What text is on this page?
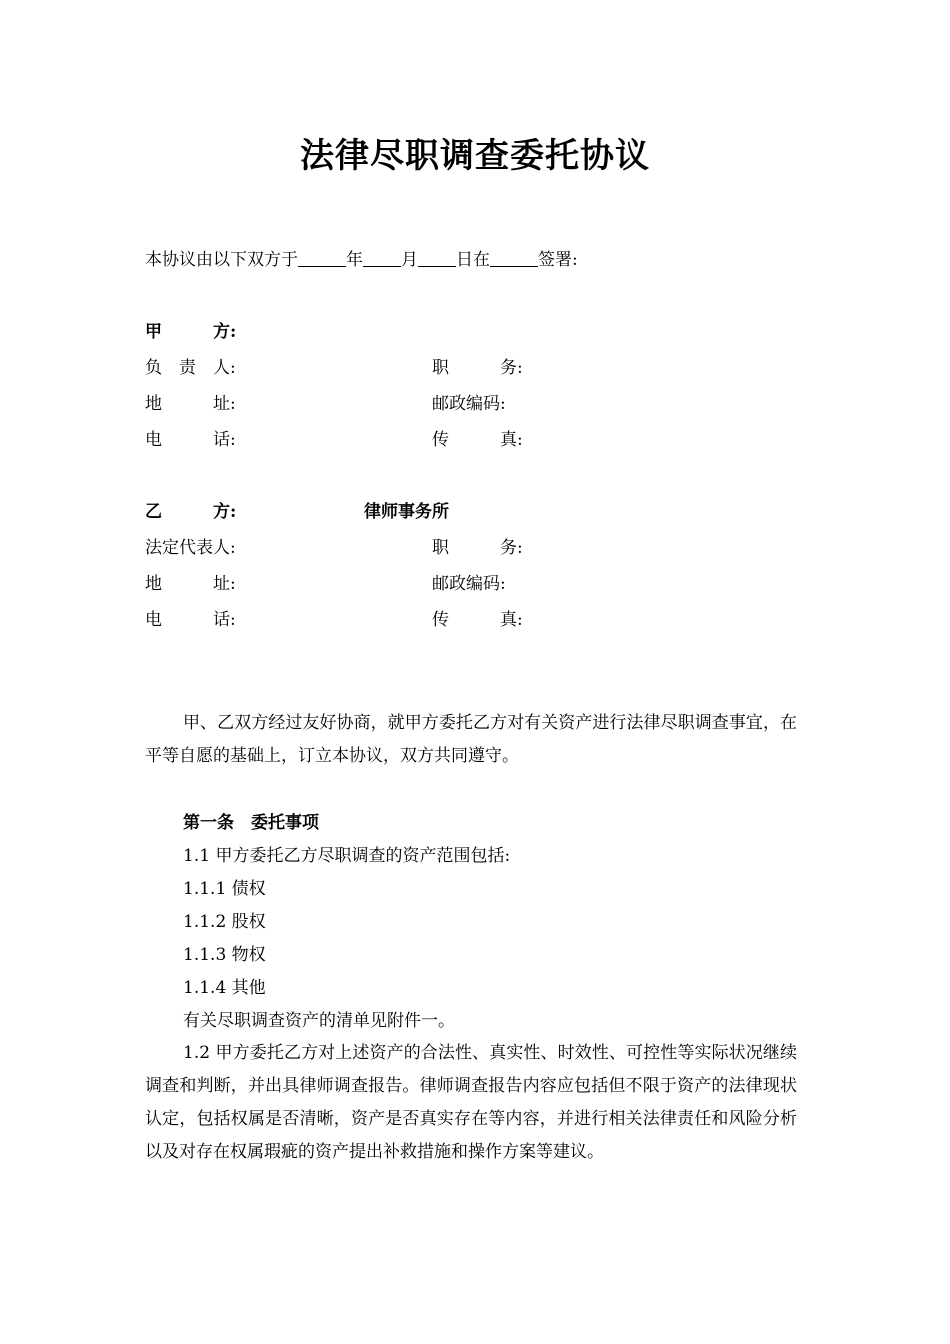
法律尽职调查委托协议
本协议由以下双方于	年 月 日在	签署:
甲　　　方:
负　责　人:	职　　　务:
地　　　址:	邮政编码:
电　　　话:	传　　　真:
乙　　　方:	律师事务所
法定代表人:	职　　　务:
地　　　址:	邮政编码:
电　　　话:	传　　　真:
甲、乙双方经过友好协商，就甲方委托乙方对有关资产进行法律尽职调查事宜，在平等自愿的基础上，订立本协议，双方共同遵守。
第一条　委托事项
1.1 甲方委托乙方尽职调查的资产范围包括:
1.1.1 债权
1.1.2 股权
1.1.3 物权
1.1.4 其他
有关尽职调查资产的清单见附件一。
1.2 甲方委托乙方对上述资产的合法性、真实性、时效性、可控性等实际状况继续调查和判断，并出具律师调查报告。律师调查报告内容应包括但不限于资产的法律现状认定，包括权属是否清晰，资产是否真实存在等内容，并进行相关法律责任和风险分析以及对存在权属瑕疵的资产提出补救措施和操作方案等建议。
